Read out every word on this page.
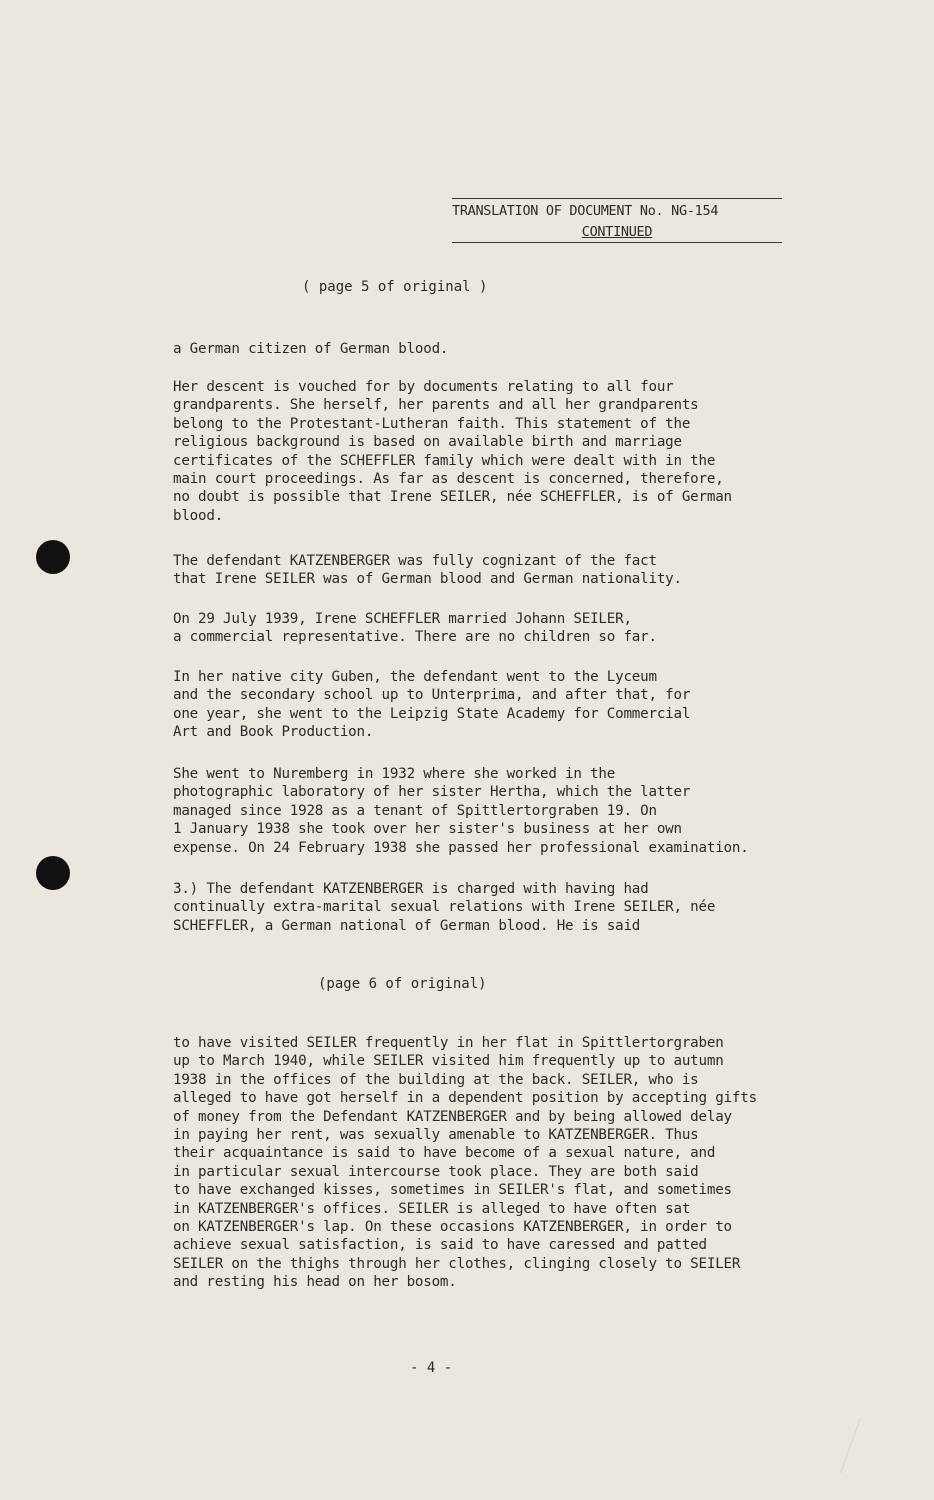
TRANSLATION OF DOCUMENT No. NG-154
CONTINUED
( page 5 of original )
a German citizen of German blood.
Her descent is vouched for by documents relating to all four
grandparents. She herself, her parents and all her grandparents
belong to the Protestant-Lutheran faith. This statement of the
religious background is based on available birth and marriage
certificates of the SCHEFFLER family which were dealt with in the
main court proceedings. As far as descent is concerned, therefore,
no doubt is possible that Irene SEILER, née SCHEFFLER, is of German
blood.
The defendant KATZENBERGER was fully cognizant of the fact
that Irene SEILER was of German blood and German nationality.
On 29 July 1939, Irene SCHEFFLER married Johann SEILER,
a commercial representative. There are no children so far.
In her native city Guben, the defendant went to the Lyceum
and the secondary school up to Unterprima, and after that, for
one year, she went to the Leipzig State Academy for Commercial
Art and Book Production.
She went to Nuremberg in 1932 where she worked in the
photographic laboratory of her sister Hertha, which the latter
managed since 1928 as a tenant of Spittlertorgraben 19. On
1 January 1938 she took over her sister's business at her own
expense. On 24 February 1938 she passed her professional examination.
3.) The defendant KATZENBERGER is charged with having had
continually extra-marital sexual relations with Irene SEILER, née
SCHEFFLER, a German national of German blood. He is said
(page 6 of original)
to have visited SEILER frequently in her flat in Spittlertorgraben
up to March 1940, while SEILER visited him frequently up to autumn
1938 in the offices of the building at the back. SEILER, who is
alleged to have got herself in a dependent position by accepting gifts
of money from the Defendant KATZENBERGER and by being allowed delay
in paying her rent, was sexually amenable to KATZENBERGER. Thus
their acquaintance is said to have become of a sexual nature, and
in particular sexual intercourse took place. They are both said
to have exchanged kisses, sometimes in SEILER's flat, and sometimes
in KATZENBERGER's offices. SEILER is alleged to have often sat
on KATZENBERGER's lap. On these occasions KATZENBERGER, in order to
achieve sexual satisfaction, is said to have caressed and patted
SEILER on the thighs through her clothes, clinging closely to SEILER
and resting his head on her bosom.
- 4 -
